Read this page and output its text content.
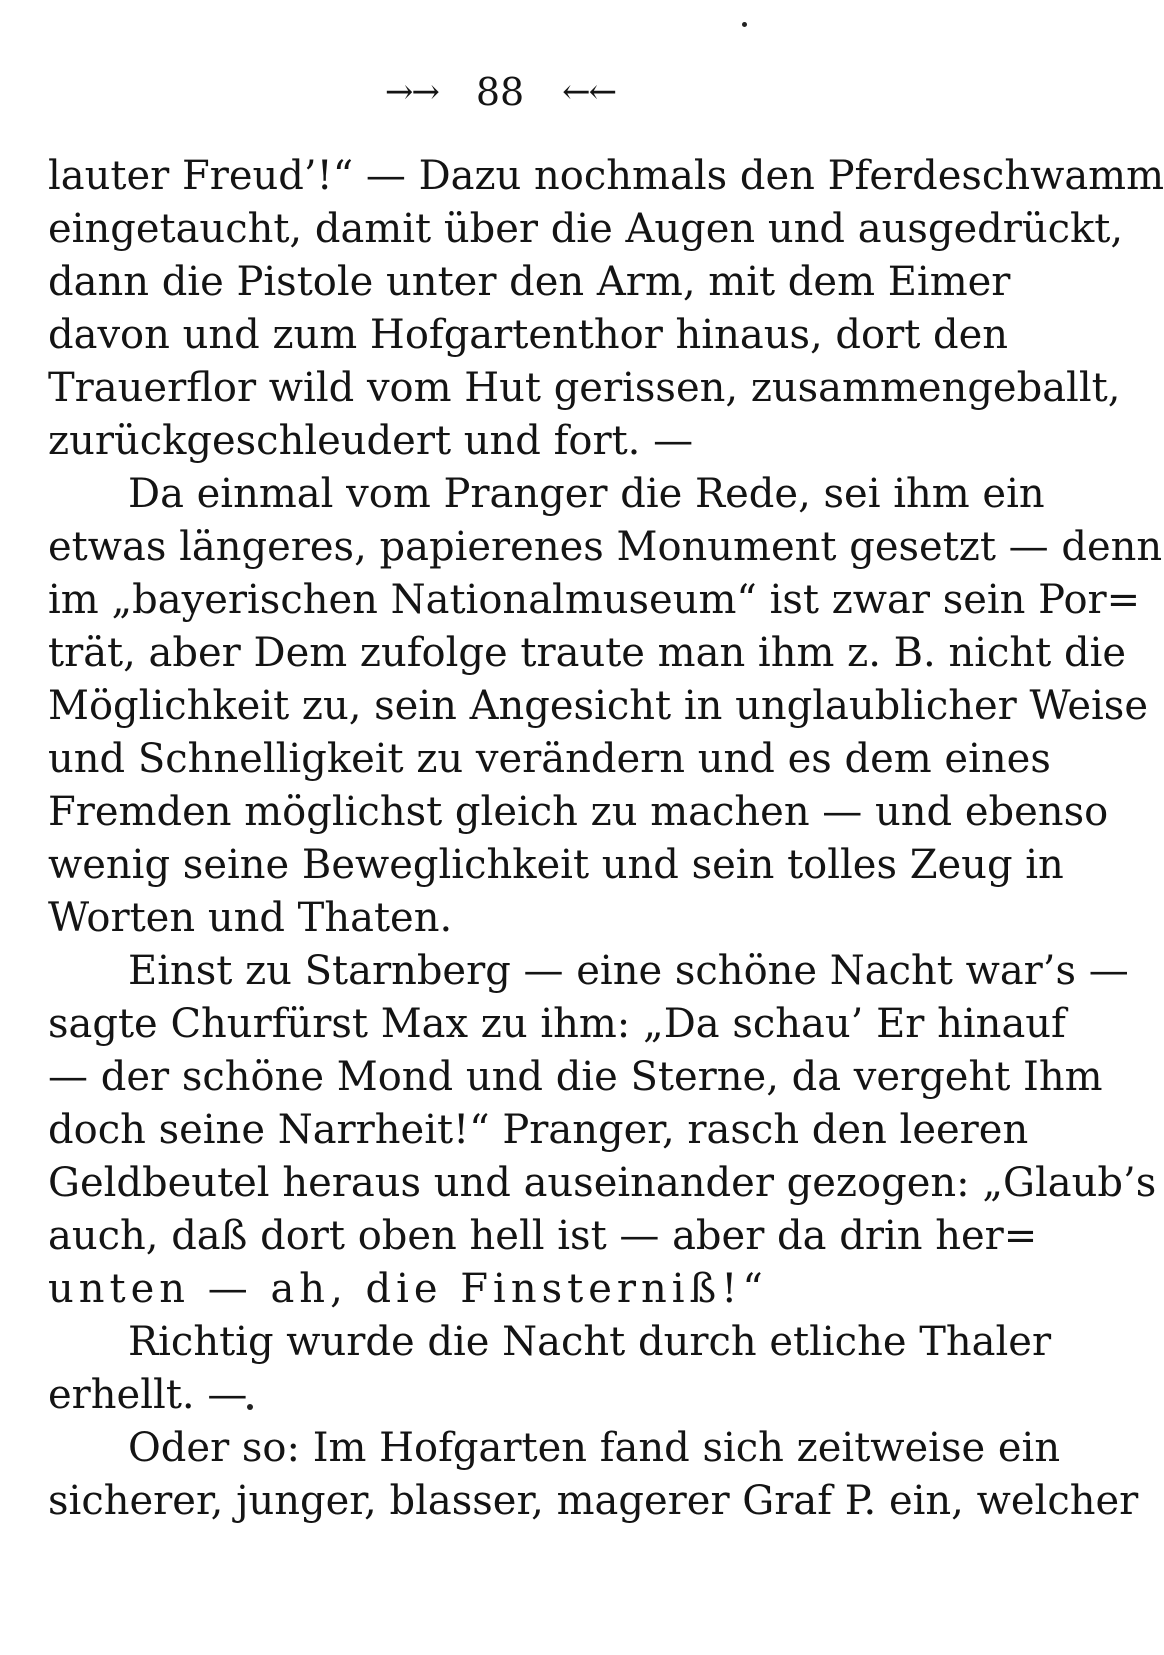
→→ 88 ←←
lauter Freud’!“ — Dazu nochmals den Pferdeschwamm
eingetaucht, damit über die Augen und ausgedrückt,
dann die Pistole unter den Arm, mit dem Eimer
davon und zum Hofgartenthor hinaus, dort den
Trauerflor wild vom Hut gerissen, zusammengeballt,
zurückgeschleudert und fort. —
Da einmal vom Pranger die Rede, sei ihm ein
etwas längeres, papierenes Monument gesetzt — denn
im „bayerischen Nationalmuseum“ ist zwar sein Por=
trät, aber Dem zufolge traute man ihm z. B. nicht die
Möglichkeit zu, sein Angesicht in unglaublicher Weise
und Schnelligkeit zu verändern und es dem eines
Fremden möglichst gleich zu machen — und ebenso
wenig seine Beweglichkeit und sein tolles Zeug in
Worten und Thaten.
Einst zu Starnberg — eine schöne Nacht war’s —
sagte Churfürst Max zu ihm: „Da schau’ Er hinauf
— der schöne Mond und die Sterne, da vergeht Ihm
doch seine Narrheit!“ Pranger, rasch den leeren
Geldbeutel heraus und auseinander gezogen: „Glaub’s
auch, daß dort oben hell ist — aber da drin her=
unten — ah, die Finsterniß!“
Richtig wurde die Nacht durch etliche Thaler
erhellt. —
Oder so: Im Hofgarten fand sich zeitweise ein
sicherer, junger, blasser, magerer Graf P. ein, welcher
